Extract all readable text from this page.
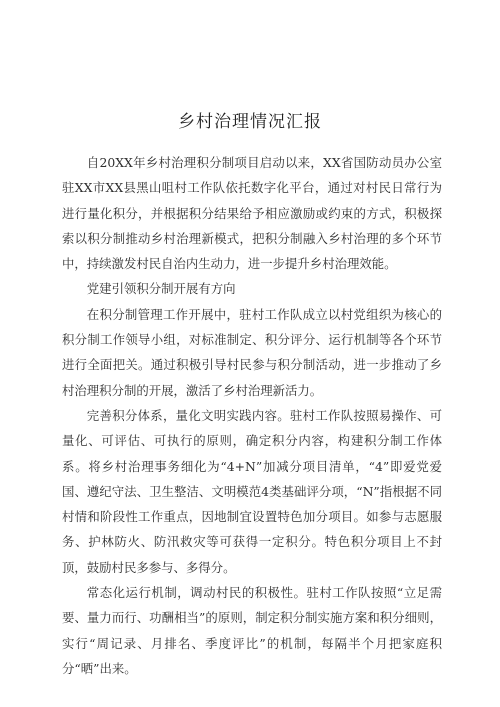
乡村治理情况汇报

自20XX年乡村治理积分制项目启动以来，XX省国防动员办公室驻XX市XX县黑山咀村工作队依托数字化平台，通过对村民日常行为进行量化积分，并根据积分结果给予相应激励或约束的方式，积极探索以积分制推动乡村治理新模式，把积分制融入乡村治理的多个环节中，持续激发村民自治内生动力，进一步提升乡村治理效能。

党建引领积分制开展有方向

在积分制管理工作开展中，驻村工作队成立以村党组织为核心的积分制工作领导小组，对标准制定、积分评分、运行机制等各个环节进行全面把关。通过积极引导村民参与积分制活动，进一步推动了乡村治理积分制的开展，激活了乡村治理新活力。

完善积分体系，量化文明实践内容。驻村工作队按照易操作、可量化、可评估、可执行的原则，确定积分内容，构建积分制工作体系。将乡村治理事务细化为“4+N”加减分项目清单，“4”即爱党爱国、遵纪守法、卫生整洁、文明模范4类基础评分项，“N”指根据不同村情和阶段性工作重点，因地制宜设置特色加分项目。如参与志愿服务、护林防火、防汛救灾等可获得一定积分。特色积分项目上不封顶，鼓励村民多参与、多得分。

常态化运行机制，调动村民的积极性。驻村工作队按照“立足需要、量力而行、功酬相当”的原则，制定积分制实施方案和积分细则，实行“周记录、月排名、季度评比”的机制，每隔半个月把家庭积分“晒”出来。
